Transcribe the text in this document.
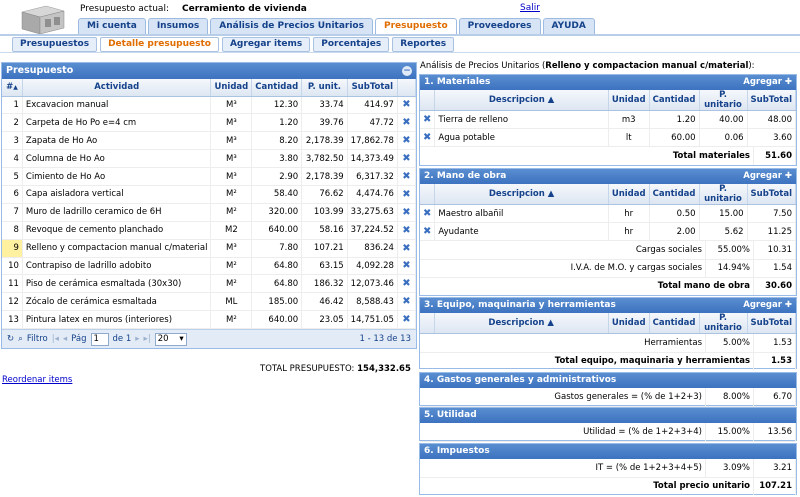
Presupuesto actual: Cerramiento de vivienda	Salir
Mi cuenta	Insumos	Análisis de Precios Unitarios	Presupuesto	Proveedores	AYUDA
Presupuestos	Detalle presupuesto	Agregar items	Porcentajes	Reportes
Presupuesto	−
#▲	Actividad	Unidad	Cantidad	P. unit.	SubTotal	
1	Excavacion manual	M³	12.30	33.74	414.97	✖
2	Carpeta de Ho Po e=4 cm	M³	1.20	39.76	47.72	✖
3	Zapata de Ho Ao	M³	8.20	2,178.39	17,862.78	✖
4	Columna de Ho Ao	M³	3.80	3,782.50	14,373.49	✖
5	Cimiento de Ho Ao	M³	2.90	2,178.39	6,317.32	✖
6	Capa aisladora vertical	M²	58.40	76.62	4,474.76	✖
7	Muro de ladrillo ceramico de 6H	M²	320.00	103.99	33,275.63	✖
8	Revoque de cemento planchado	M2	640.00	58.16	37,224.52	✖
9	Relleno y compactacion manual c/material	M³	7.80	107.21	836.24	✖
10	Contrapiso de ladrillo adobito	M²	64.80	63.15	4,092.28	✖
11	Piso de cerámica esmaltada (30x30)	M²	64.80	186.32	12,073.46	✖
12	Zócalo de cerámica esmaltada	ML	185.00	46.42	8,588.43	✖
13	Pintura latex en muros (interiores)	M²	640.00	23.05	14,751.05	✖
↻ ⌕ Filtro |◂ ◂ Pág 1	de 1 ▸ ▸| 20 ▾	1 - 13 de 13
TOTAL PRESUPUESTO: 154,332.65
Reordenar items
Análisis de Precios Unitarios (Relleno y compactacion manual c/material):
1. Materiales	Agregar ✚
	Descripcion ▲	Unidad	Cantidad	P. unitario	SubTotal
✖	Tierra de relleno	m3	1.20	40.00	48.00
✖	Agua potable	lt	60.00	0.06	3.60
Total materiales	51.60
2. Mano de obra	Agregar ✚
	Descripcion ▲	Unidad	Cantidad	P. unitario	SubTotal
✖	Maestro albañil	hr	0.50	15.00	7.50
✖	Ayudante	hr	2.00	5.62	11.25
Cargas sociales	55.00%	10.31
I.V.A. de M.O. y cargas sociales	14.94%	1.54
Total mano de obra		30.60
3. Equipo, maquinaria y herramientas	Agregar ✚
	Descripcion ▲	Unidad	Cantidad	P. unitario	SubTotal
Herramientas	5.00%	1.53
Total equipo, maquinaria y herramientas		1.53
4. Gastos generales y administrativos
Gastos generales = (% de 1+2+3)	8.00%	6.70
5. Utilidad
Utilidad = (% de 1+2+3+4)	15.00%	13.56
6. Impuestos
IT = (% de 1+2+3+4+5)	3.09%	3.21
Total precio unitario		107.21
